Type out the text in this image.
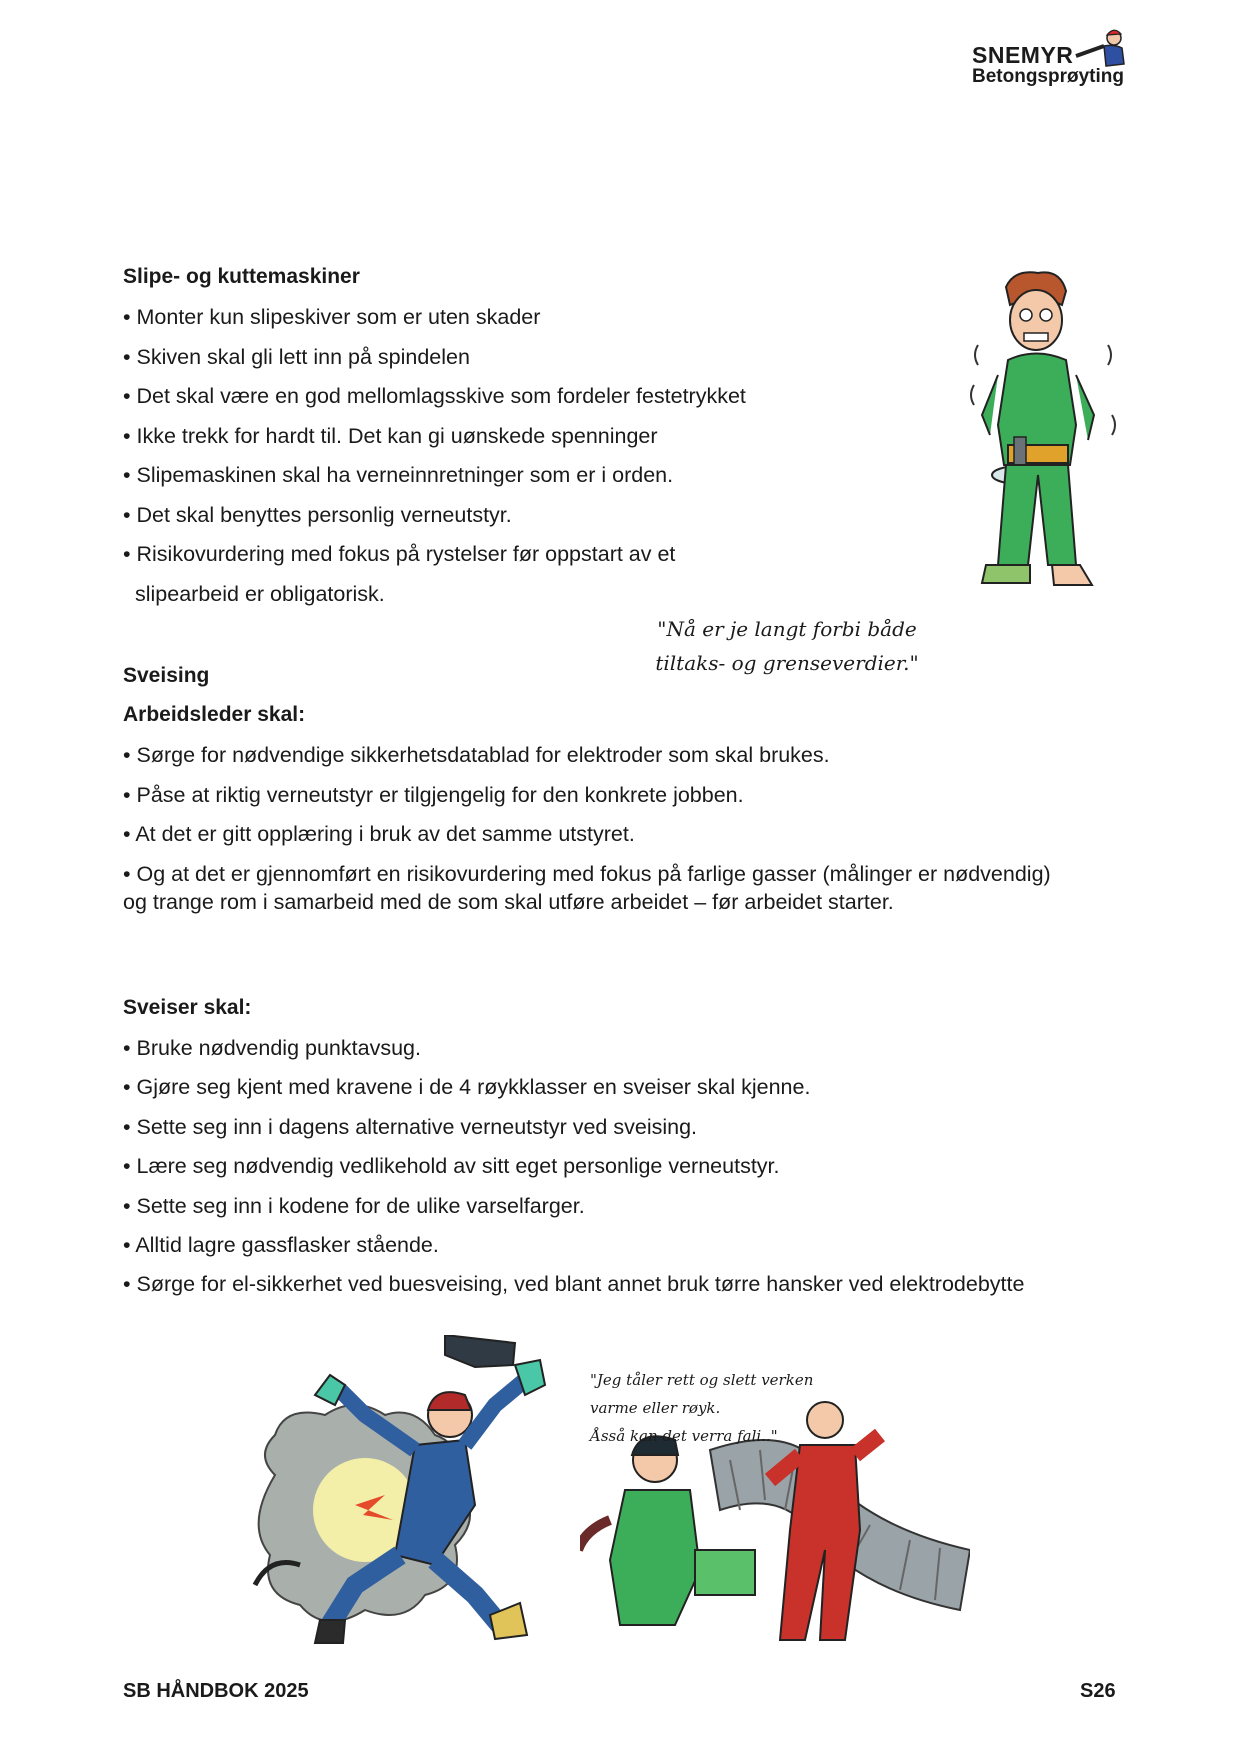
SNEMYR
Betongsprøyting
Slipe- og kuttemaskiner
• Monter kun slipeskiver som er uten skader
• Skiven skal gli lett inn på spindelen
• Det skal være en god mellomlagsskive som fordeler festetrykket
• Ikke trekk for hardt til. Det kan gi uønskede spenninger
• Slipemaskinen skal ha verneinnretninger som er i orden.
• Det skal benyttes personlig verneutstyr.
• Risikovurdering med fokus på rystelser før oppstart av et
slipearbeid er obligatorisk.
"Nå er je langt forbi både
tiltaks- og grenseverdier."
Sveising
Arbeidsleder skal:
• Sørge for nødvendige sikkerhetsdatablad for elektroder som skal brukes.
• Påse at riktig verneutstyr er tilgjengelig for den konkrete jobben.
• At det er gitt opplæring i bruk av det samme utstyret.
• Og at det er gjennomført en risikovurdering med fokus på farlige gasser (målinger er nødvendig) og trange rom i samarbeid med de som skal utføre arbeidet – før arbeidet starter.
Sveiser skal:
• Bruke nødvendig punktavsug.
• Gjøre seg kjent med kravene i de 4 røykklasser en sveiser skal kjenne.
• Sette seg inn i dagens alternative verneutstyr ved sveising.
• Lære seg nødvendig vedlikehold av sitt eget personlige verneutstyr.
• Sette seg inn i kodene for de ulike varselfarger.
• Alltid lagre gassflasker stående.
• Sørge for el-sikkerhet ved buesveising, ved blant annet bruk tørre hansker ved elektrodebytte
"Jeg tåler rett og slett verken
varme eller røyk.
Åsså kan det verra fali.."
SB HÅNDBOK 2025	S26
